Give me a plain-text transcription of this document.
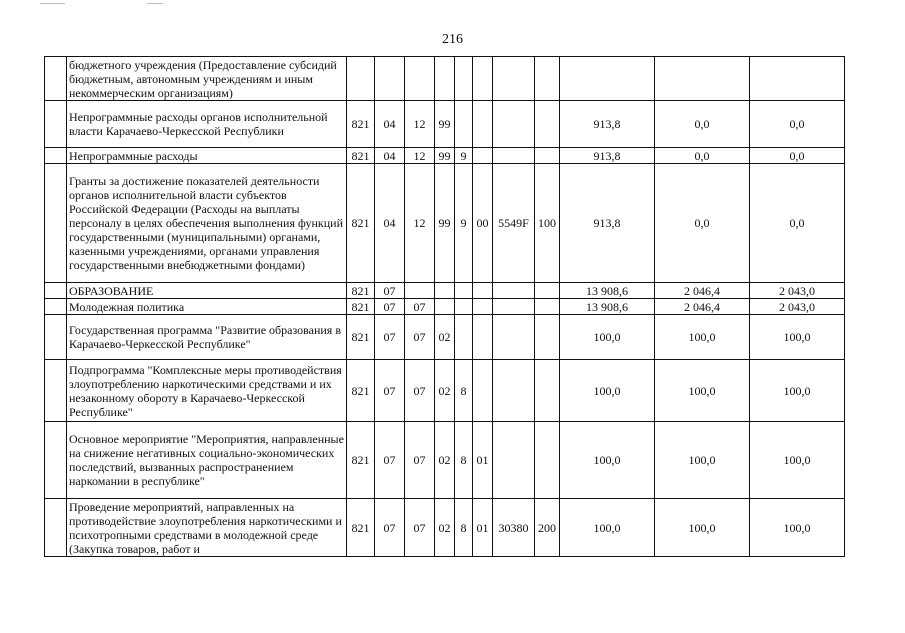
216
	бюджетного учреждения (Предоставление субсидий бюджетным, автономным учреждениям и иным некоммерческим организациям)											
	Непрограммные расходы органов исполнительной власти Карачаево-Черкесской Республики	821	04	12	99					913,8	0,0	0,0
	Непрограммные расходы	821	04	12	99	9				913,8	0,0	0,0
	Гранты за достижение показателей деятельности органов исполнительной власти субъектов Российской Федерации (Расходы на выплаты персоналу в целях обеспечения выполнения функций государственными (муниципальными) органами, казенными учреждениями, органами управления государственными внебюджетными фондами)	821	04	12	99	9	00	5549F	100	913,8	0,0	0,0
	ОБРАЗОВАНИЕ	821	07							13 908,6	2 046,4	2 043,0
	Молодежная политика	821	07	07						13 908,6	2 046,4	2 043,0
	Государственная программа "Развитие образования в Карачаево-Черкесской Республике"	821	07	07	02					100,0	100,0	100,0
	Подпрограмма "Комплексные меры противодействия злоупотреблению наркотическими средствами и их незаконному обороту в Карачаево-Черкесской Республике"	821	07	07	02	8				100,0	100,0	100,0
	Основное мероприятие "Мероприятия, направленные на снижение негативных социально-экономических последствий, вызванных распространением наркомании в республике"	821	07	07	02	8	01			100,0	100,0	100,0
	Проведение мероприятий, направленных на противодействие злоупотребления наркотическими и психотропными средствами в молодежной среде (Закупка товаров, работ и	821	07	07	02	8	01	30380	200	100,0	100,0	100,0
